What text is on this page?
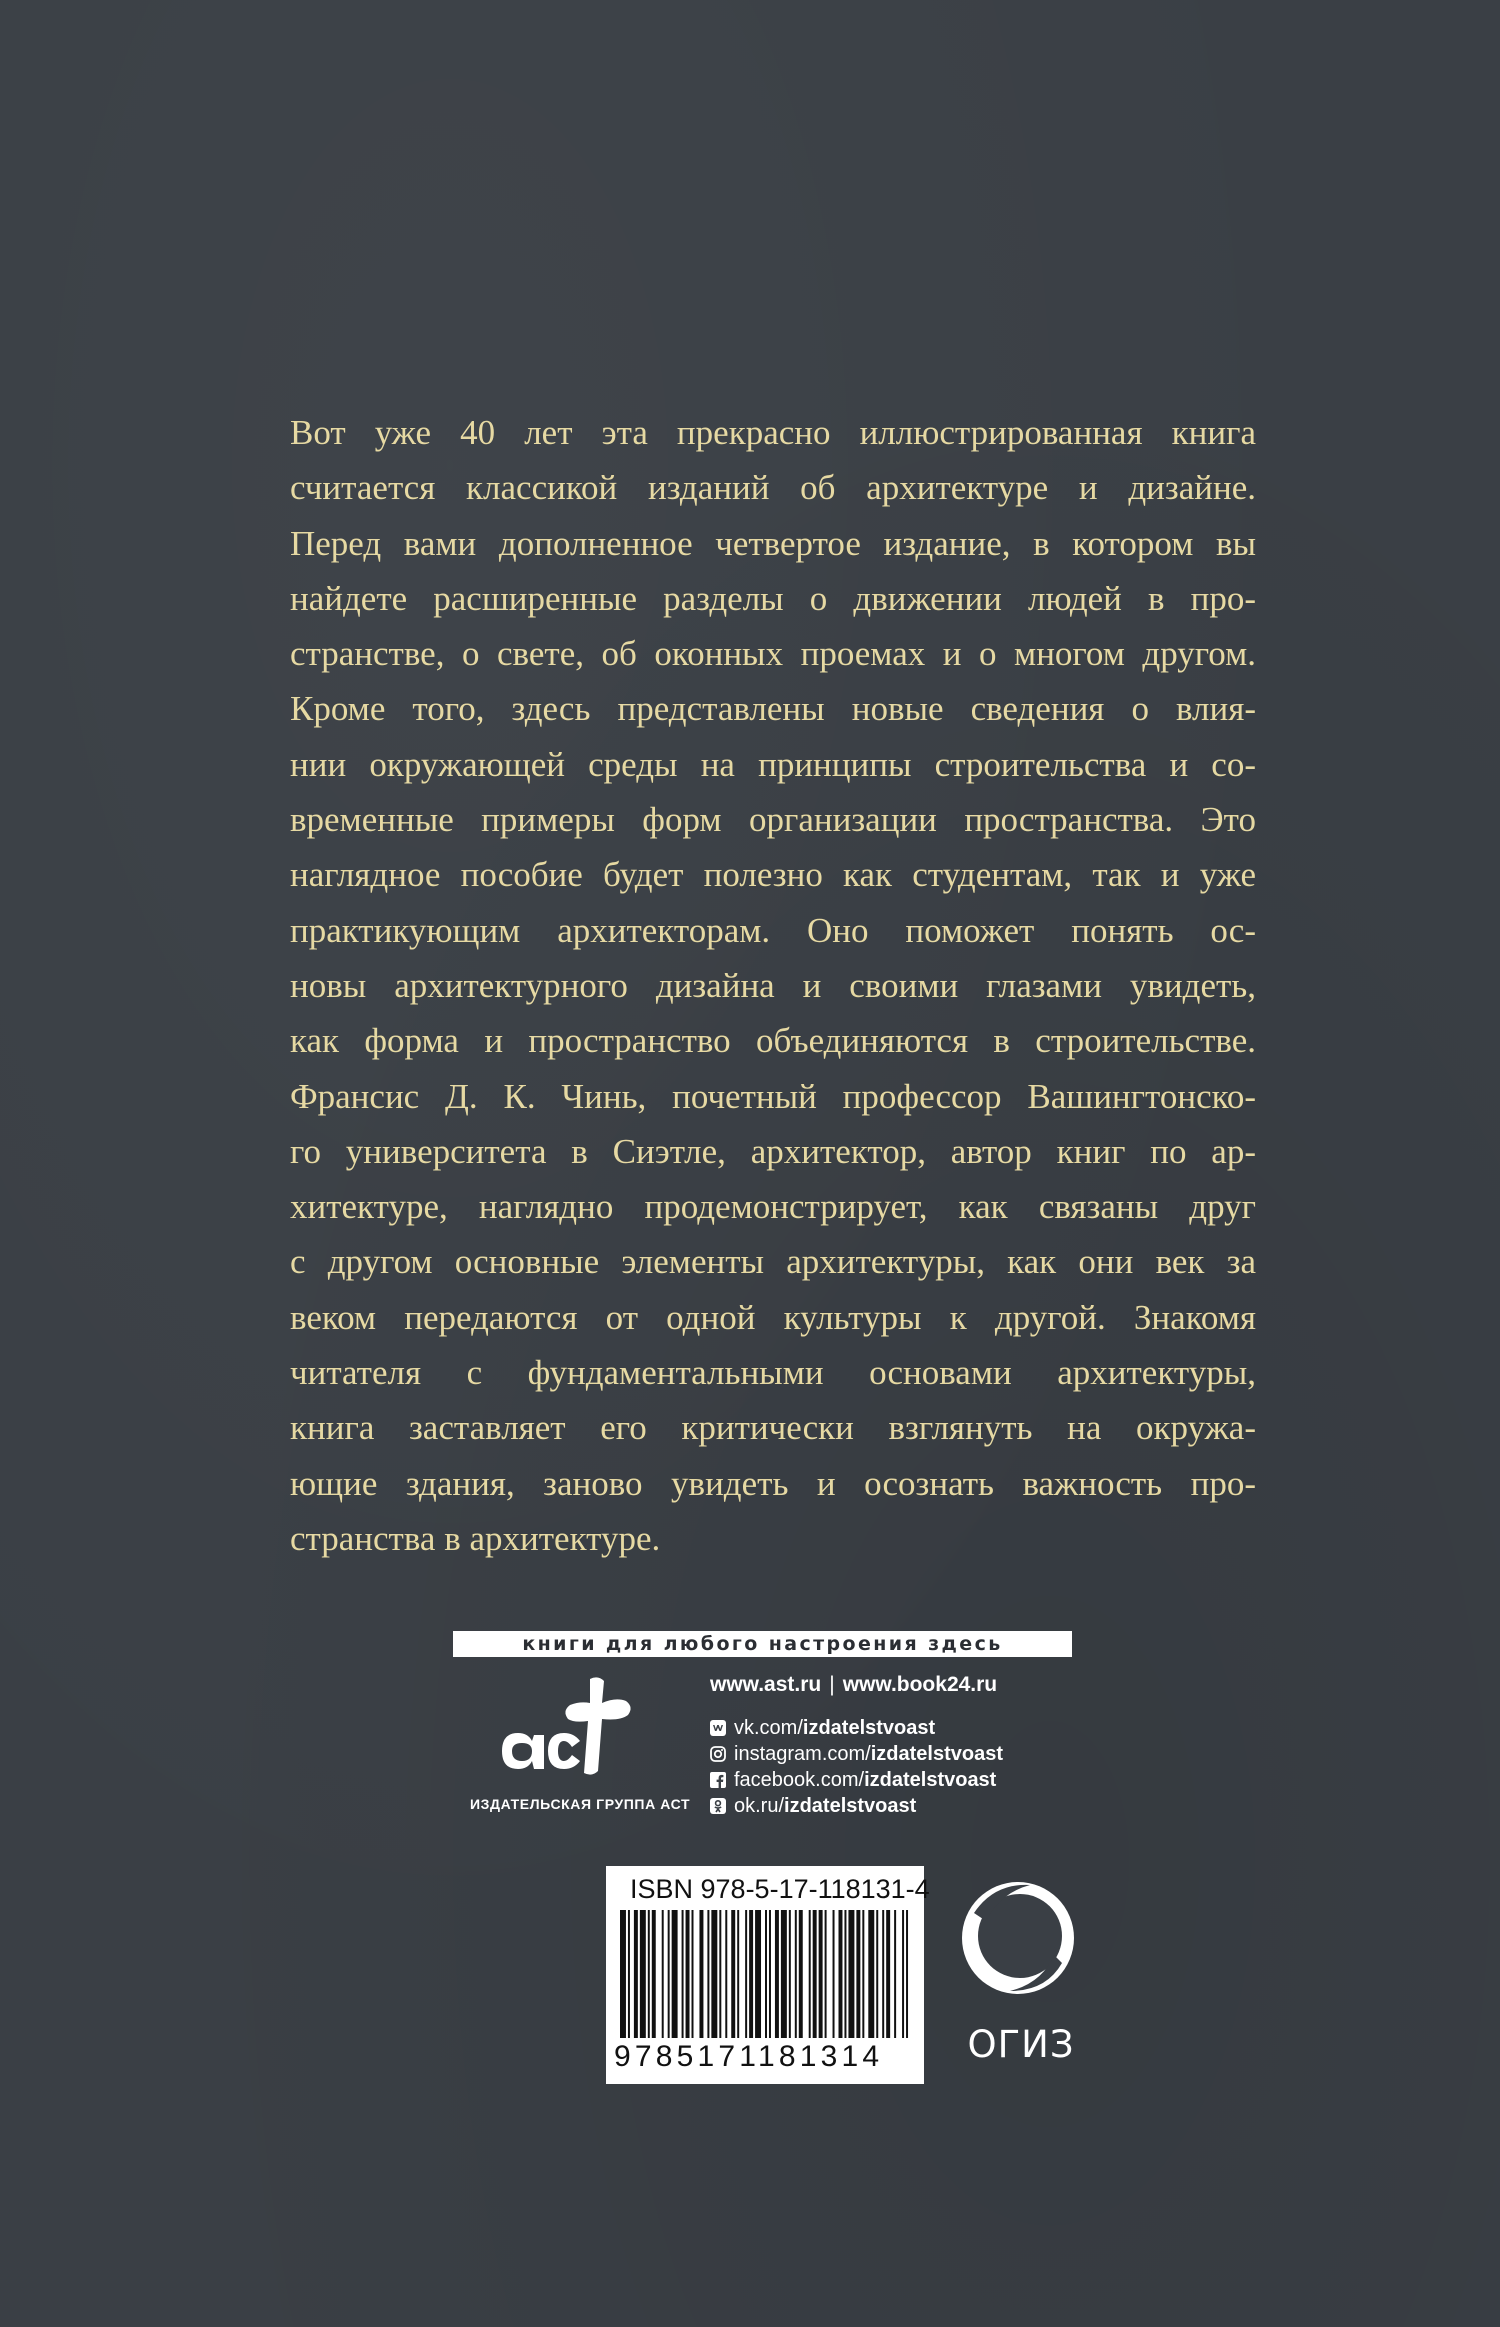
Вот уже 40 лет эта прекрасно иллюстрированная книга
считается классикой изданий об архитектуре и дизайне.
Перед вами дополненное четвертое издание, в котором вы
найдете расширенные разделы о движении людей в про-
странстве, о свете, об оконных проемах и о многом другом.
Кроме того, здесь представлены новые сведения о влия-
нии окружающей среды на принципы строительства и со-
временные примеры форм организации пространства. Это
наглядное пособие будет полезно как студентам, так и уже
практикующим архитекторам. Оно поможет понять ос-
новы архитектурного дизайна и своими глазами увидеть,
как форма и пространство объединяются в строительстве.
Франсис Д. К. Чинь, почетный профессор Вашингтонско-
го университета в Сиэтле, архитектор, автор книг по ар-
хитектуре, наглядно продемонстрирует, как связаны друг
с другом основные элементы архитектуры, как они век за
веком передаются от одной культуры к другой. Знакомя
читателя с фундаментальными основами архитектуры,
книга заставляет его критически взглянуть на окружа-
ющие здания, заново увидеть и осознать важность про-
странства в архитектуре.
книги для любого настроения здесь
ИЗДАТЕЛЬСКАЯ ГРУППА АСТ
www.ast.ru | www.book24.ru
vk.com/ izdatelstvoast
instagram.com/ izdatelstvoast
facebook.com/ izdatelstvoast
ok.ru/ izdatelstvoast
ISBN 978-5-17-118131-4
9785171181314	ОГИЗ
